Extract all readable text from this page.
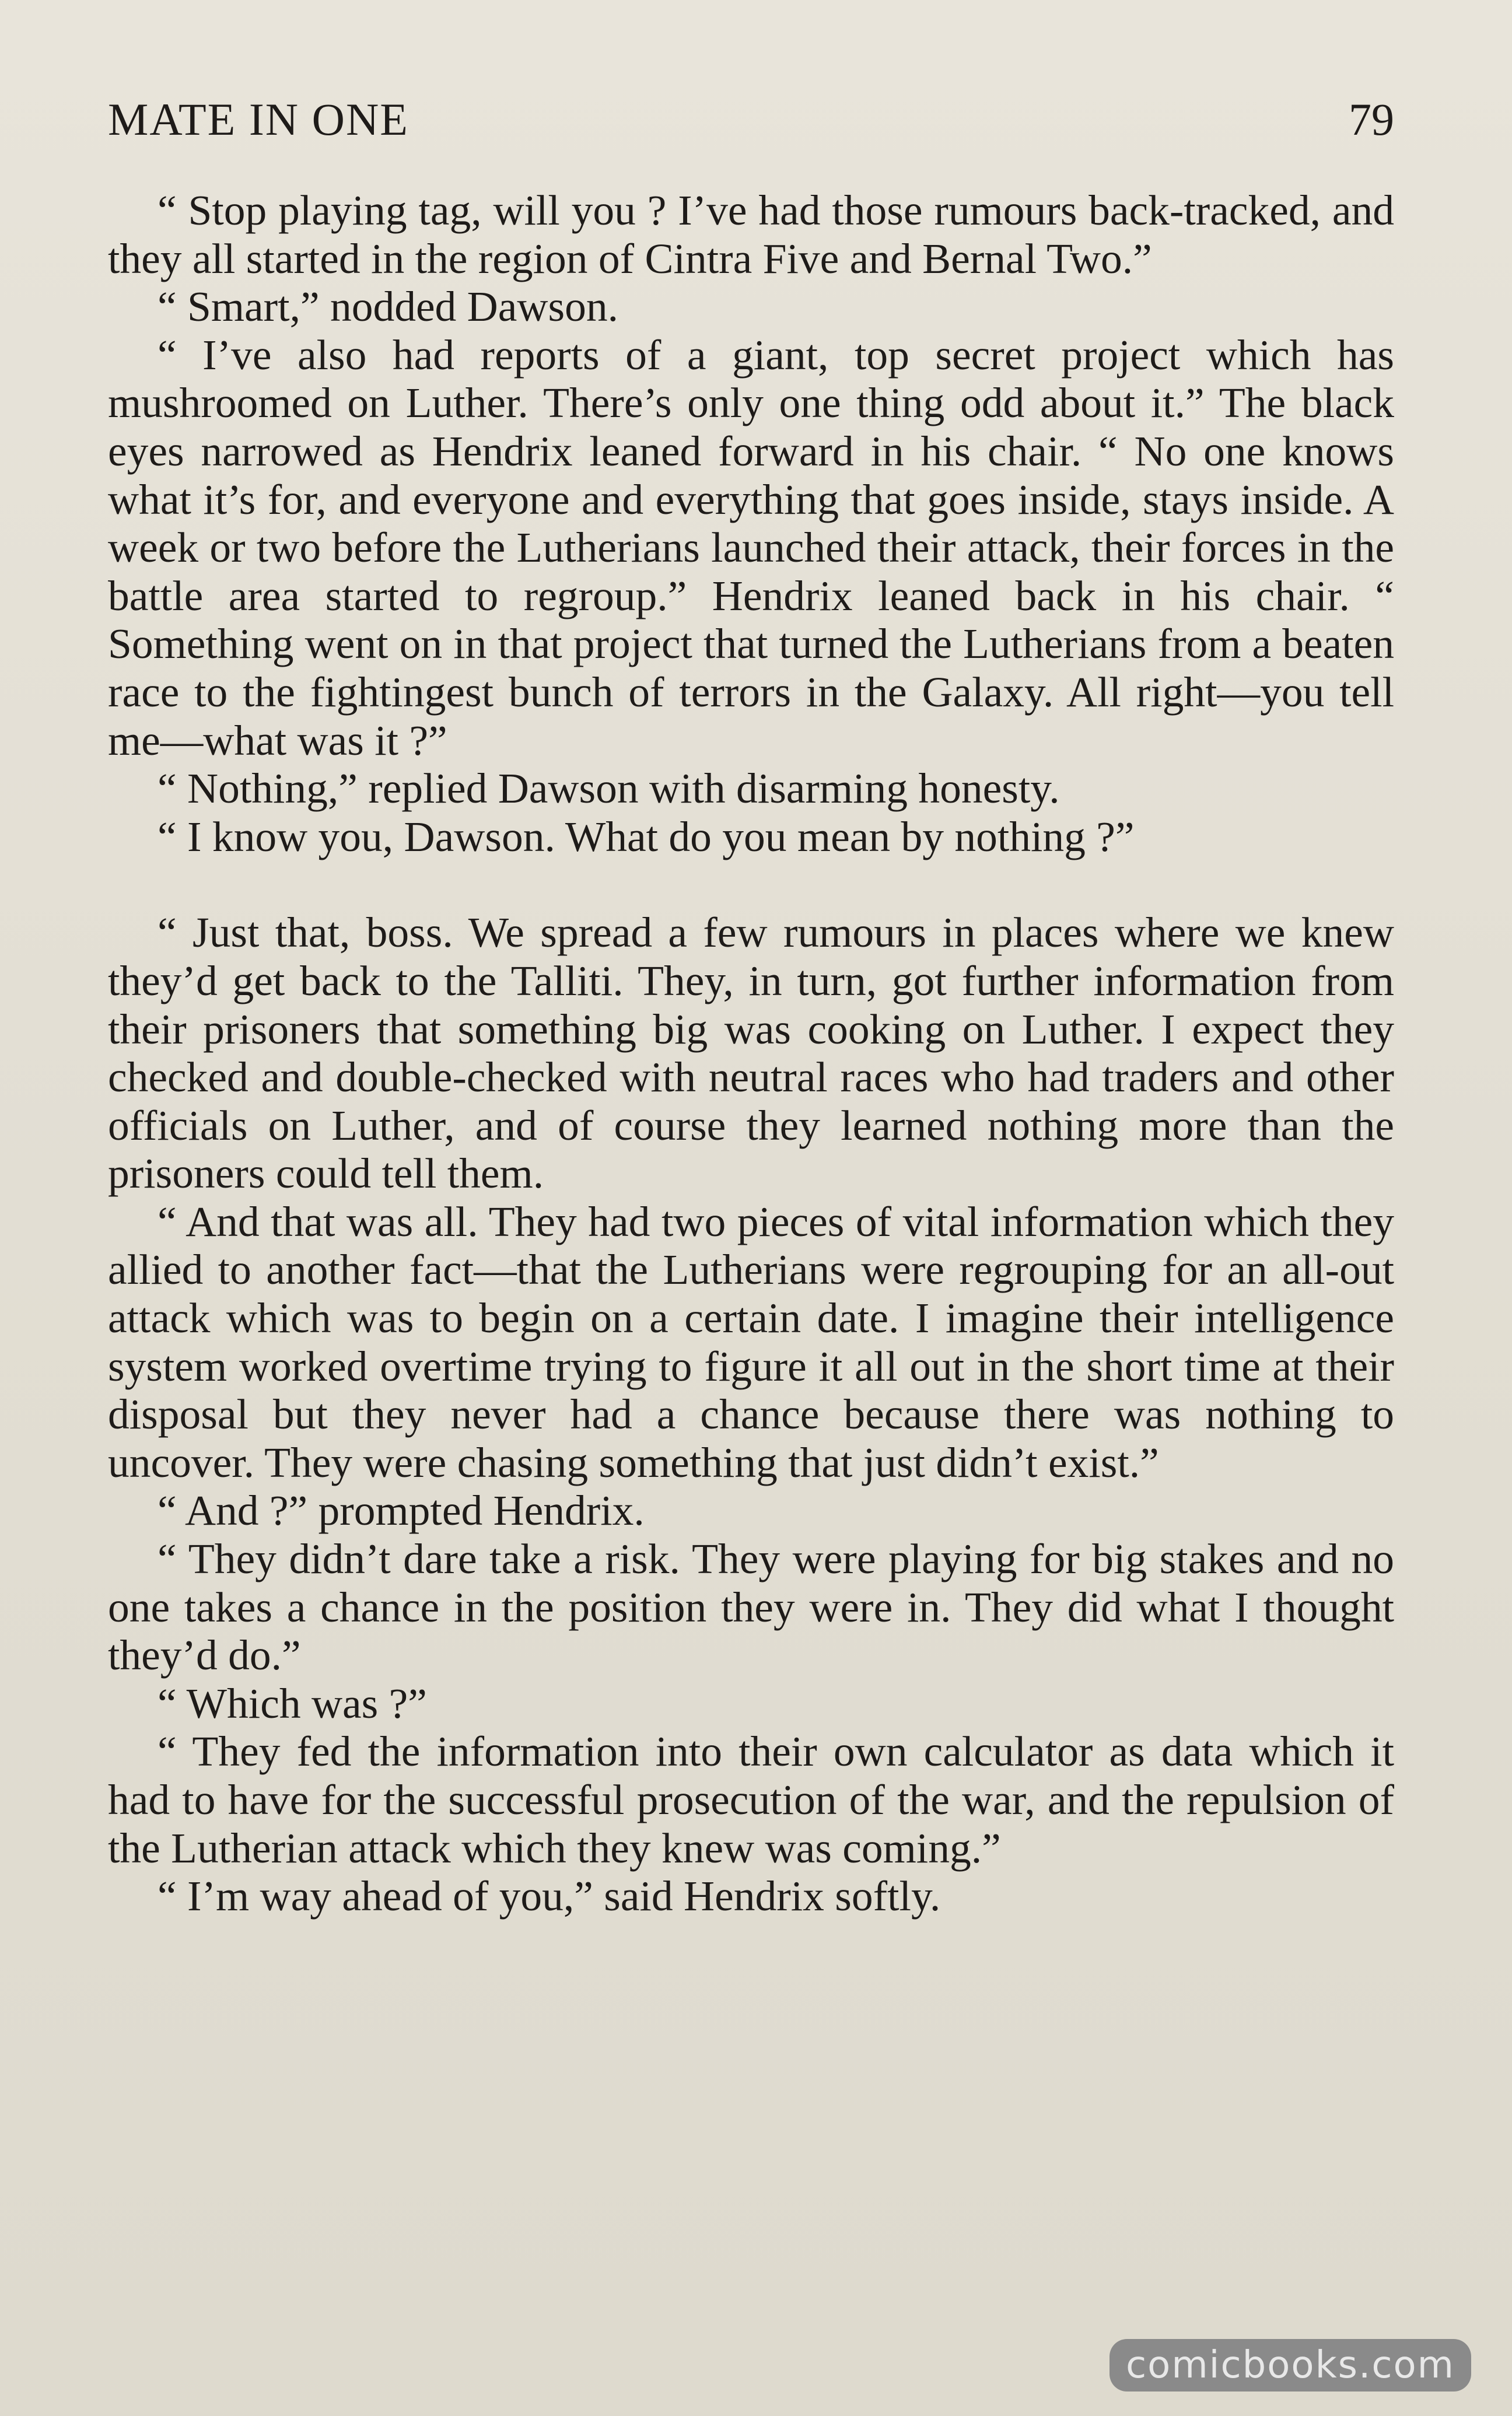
MATE IN ONE	79

“ Stop playing tag, will you ? I’ve had those rumours back-tracked, and they all started in the region of Cintra Five and Bernal Two.”

“ Smart,” nodded Dawson.

“ I’ve also had reports of a giant, top secret project which has mushroomed on Luther. There’s only one thing odd about it.” The black eyes narrowed as Hendrix leaned forward in his chair. “ No one knows what it’s for, and everyone and everything that goes inside, stays inside. A week or two before the Lutherians launched their attack, their forces in the battle area started to regroup.” Hendrix leaned back in his chair. “ Something went on in that project that turned the Lutherians from a beaten race to the fightingest bunch of terrors in the Galaxy. All right—you tell me—what was it ?”

“ Nothing,” replied Dawson with disarming honesty.

“ I know you, Dawson. What do you mean by nothing ?”

“ Just that, boss. We spread a few rumours in places where we knew they’d get back to the Talliti. They, in turn, got further information from their prisoners that something big was cooking on Luther. I expect they checked and double-checked with neutral races who had traders and other officials on Luther, and of course they learned nothing more than the prisoners could tell them.

“ And that was all. They had two pieces of vital information which they allied to another fact—that the Lutherians were regrouping for an all-out attack which was to begin on a certain date. I imagine their intelligence system worked overtime trying to figure it all out in the short time at their disposal but they never had a chance because there was nothing to uncover. They were chasing something that just didn’t exist.”

“ And ?” prompted Hendrix.

“ They didn’t dare take a risk. They were playing for big stakes and no one takes a chance in the position they were in. They did what I thought they’d do.”

“ Which was ?”

“ They fed the information into their own calculator as data which it had to have for the successful prosecution of the war, and the repulsion of the Lutherian attack which they knew was coming.”

“ I’m way ahead of you,” said Hendrix softly.

comicbooks.com
